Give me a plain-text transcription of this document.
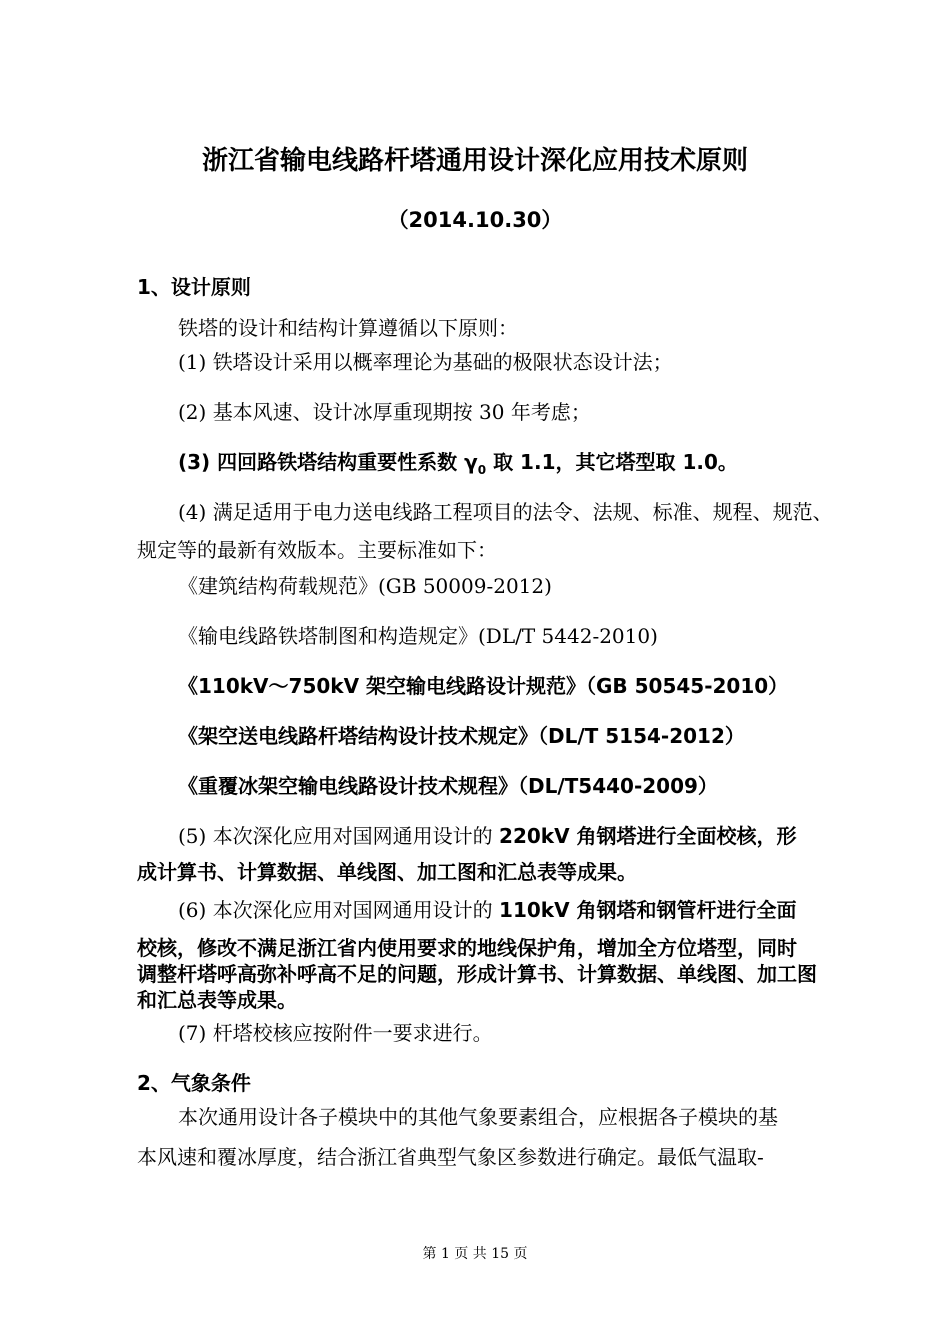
浙江省输电线路杆塔通用设计深化应用技术原则
（2014.10.30）
1、设计原则
铁塔的设计和结构计算遵循以下原则：
(1) 铁塔设计采用以概率理论为基础的极限状态设计法；
(2) 基本风速、设计冰厚重现期按 30 年考虑；
(3) 四回路铁塔结构重要性系数 $\gamma_0$ 取 1.1，其它塔型取 1.0。
(4) 满足适用于电力送电线路工程项目的法令、法规、标准、规程、规范、
规定等的最新有效版本。主要标准如下：
《建筑结构荷载规范》(GB 50009-2012)
《输电线路铁塔制图和构造规定》(DL/T 5442-2010)
《110kV～750kV 架空输电线路设计规范》（GB 50545-2010）
《架空送电线路杆塔结构设计技术规定》（DL/T 5154-2012）
《重覆冰架空输电线路设计技术规程》（DL/T5440-2009）
(5) 本次深化应用对国网通用设计的 220kV 角钢塔进行全面校核，形
成计算书、计算数据、单线图、加工图和汇总表等成果。
(6) 本次深化应用对国网通用设计的 110kV 角钢塔和钢管杆进行全面
校核，修改不满足浙江省内使用要求的地线保护角，增加全方位塔型，同时
调整杆塔呼高弥补呼高不足的问题，形成计算书、计算数据、单线图、加工图
和汇总表等成果。
(7) 杆塔校核应按附件一要求进行。
2、气象条件
本次通用设计各子模块中的其他气象要素组合，应根据各子模块的基
本风速和覆冰厚度，结合浙江省典型气象区参数进行确定。最低气温取-
第 1 页 共 15 页
